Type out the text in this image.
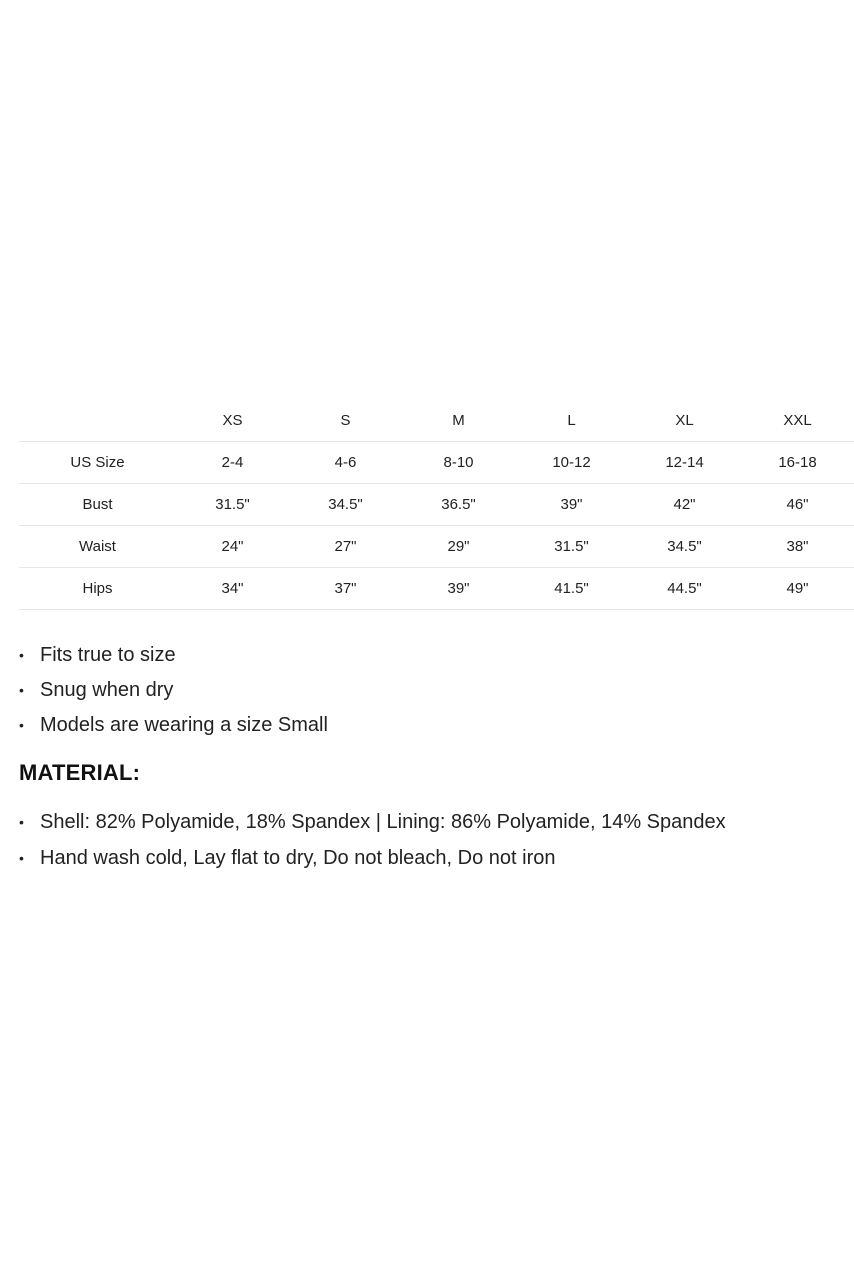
	XS	S	M	L	XL	XXL
US Size	2-4	4-6	8-10	10-12	12-14	16-18
Bust	31.5"	34.5"	36.5"	39"	42"	46"
Waist	24"	27"	29"	31.5"	34.5"	38"
Hips	34"	37"	39"	41.5"	44.5"	49"
• Fits true to size
• Snug when dry
• Models are wearing a size Small
MATERIAL:
• Shell: 82% Polyamide, 18% Spandex | Lining: 86% Polyamide, 14% Spandex
• Hand wash cold, Lay flat to dry, Do not bleach, Do not iron
